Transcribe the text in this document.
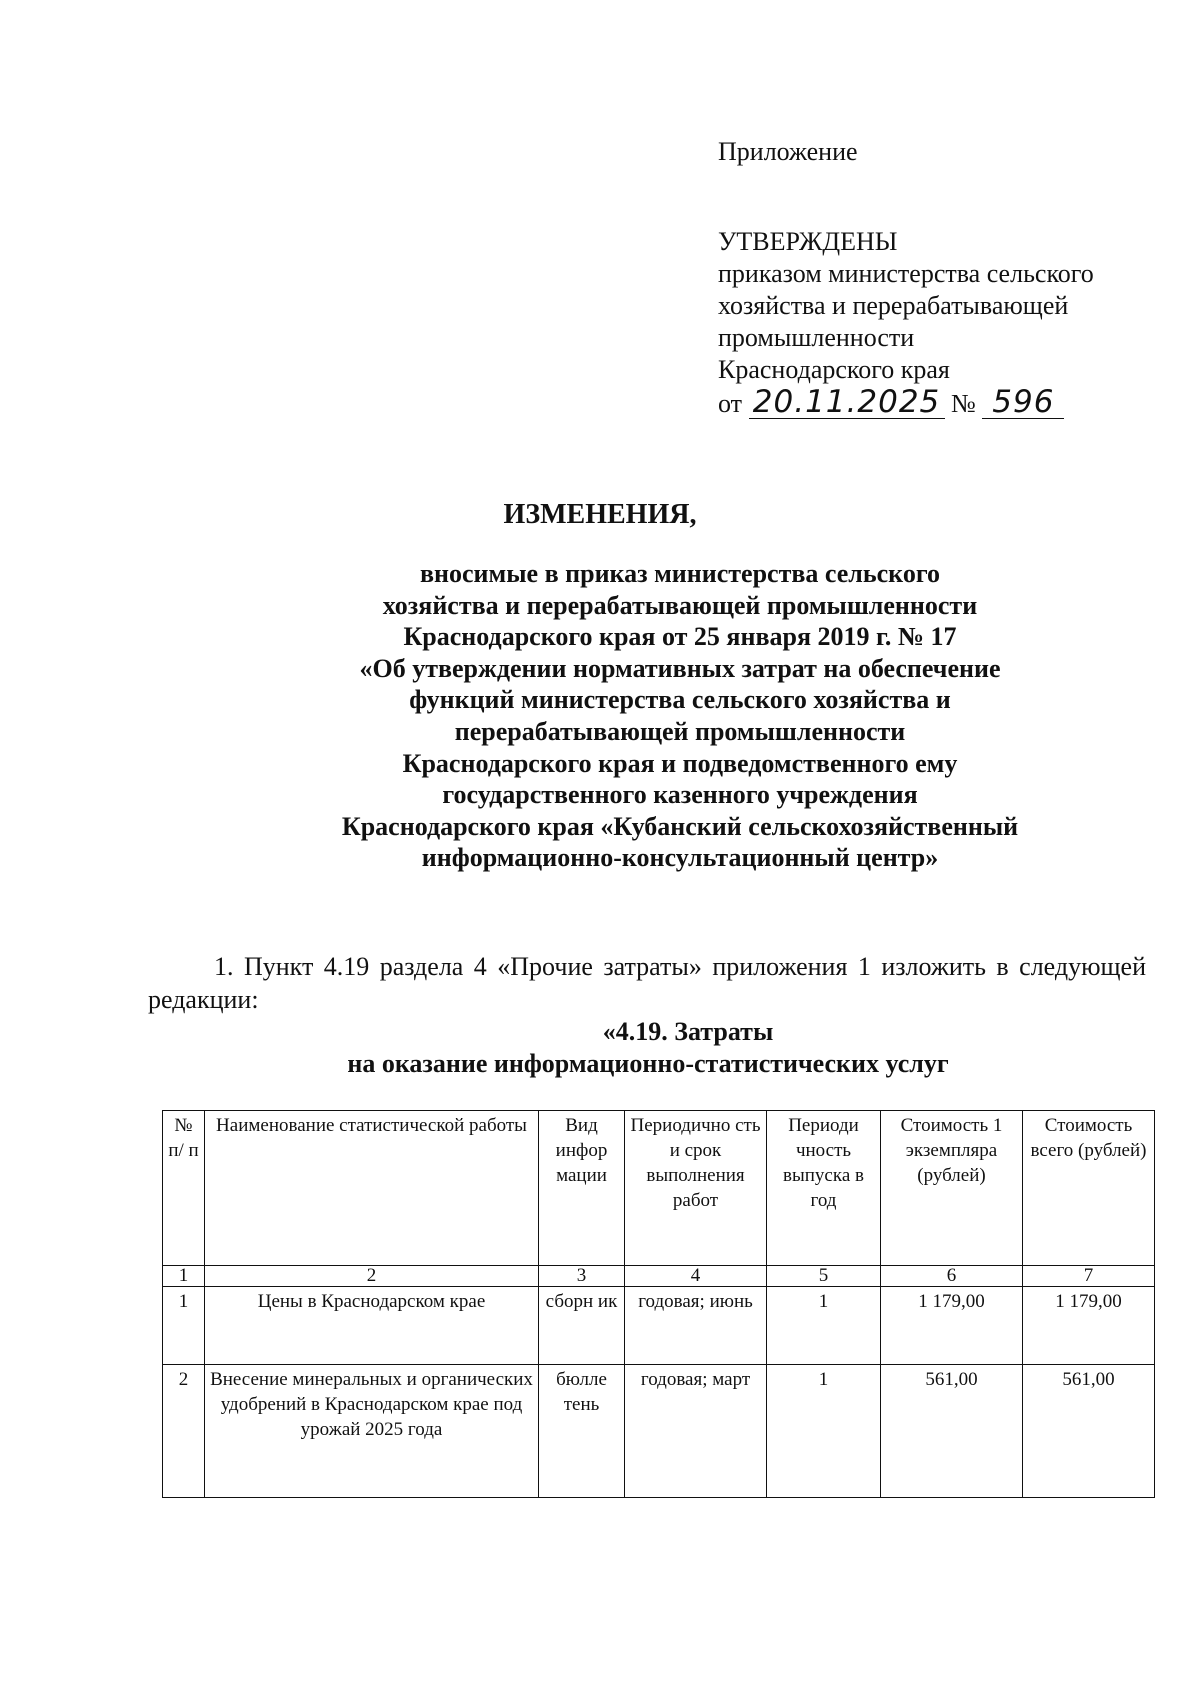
Приложение
УТВЕРЖДЕНЫ
приказом министерства сельского
хозяйства и перерабатывающей
промышленности
Краснодарского края
от 20.11.2025 № 596
ИЗМЕНЕНИЯ,
вносимые в приказ министерства сельского
хозяйства и перерабатывающей промышленности
Краснодарского края от 25 января 2019 г. № 17
«Об утверждении нормативных затрат на обеспечение
функций министерства сельского хозяйства и
перерабатывающей промышленности
Краснодарского края и подведомственного ему
государственного казенного учреждения
Краснодарского края «Кубанский сельскохозяйственный
информационно-консультационный центр»
1. Пункт 4.19 раздела 4 «Прочие затраты» приложения 1 изложить в следующей редакции:
«4.19. Затраты
на оказание информационно-статистических услуг
№ п/ п	Наименование статистической работы	Вид инфор мации	Периодично сть и срок выполнения работ	Периоди чность выпуска в год	Стоимость 1 экземпляра (рублей)	Стоимость всего (рублей)
1	2	3	4	5	6	7
1	Цены в Краснодарском крае	сборн ик	годовая; июнь	1	1 179,00	1 179,00
2	Внесение минеральных и органических удобрений в Краснодарском крае под урожай 2025 года	бюлле тень	годовая; март	1	561,00	561,00
